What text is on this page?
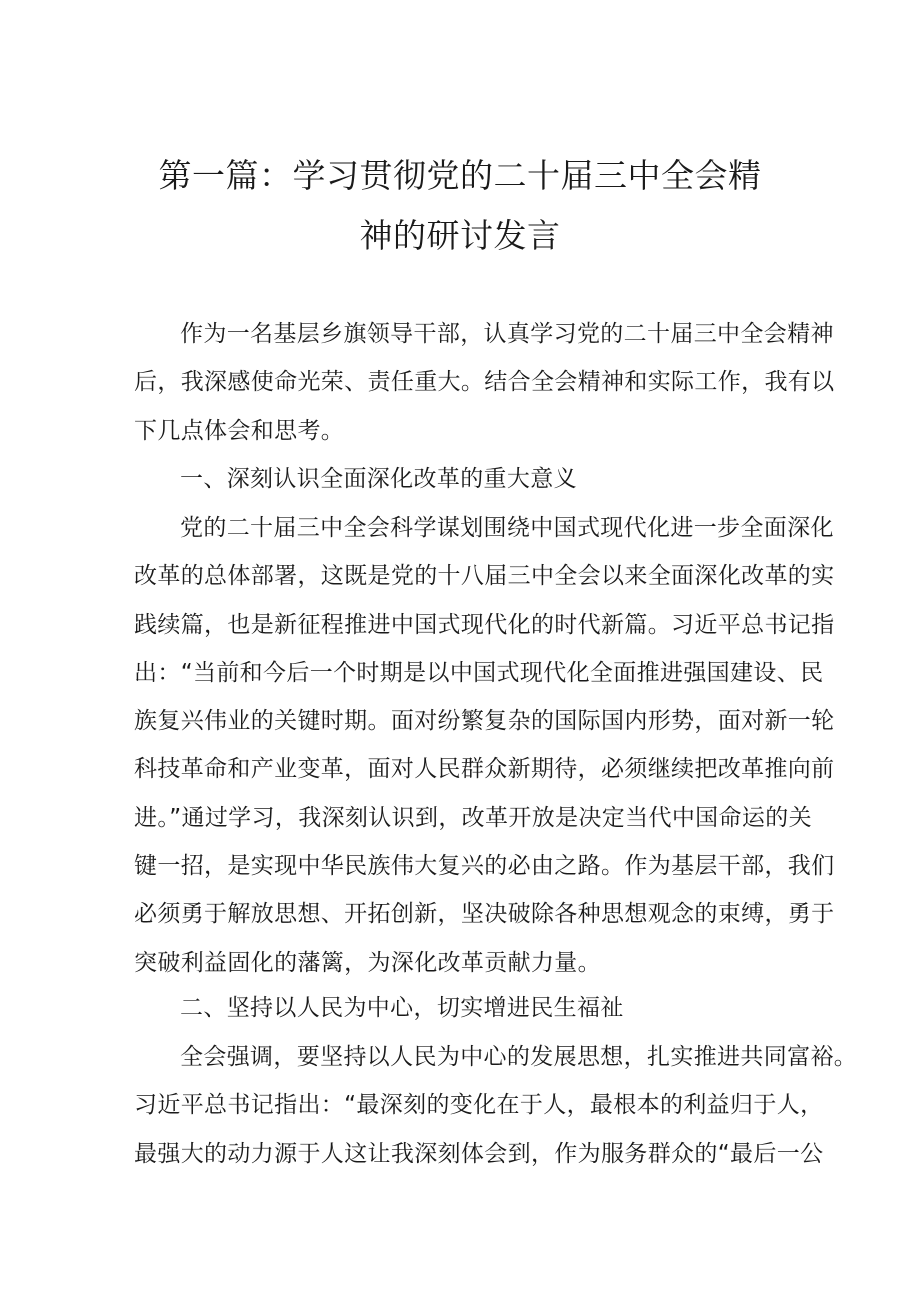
第一篇：学习贯彻党的二十届三中全会精
神的研讨发言
作为一名基层乡旗领导干部，认真学习党的二十届三中全会精神
后，我深感使命光荣、责任重大。结合全会精神和实际工作，我有以
下几点体会和思考。
一、深刻认识全面深化改革的重大意义
党的二十届三中全会科学谋划围绕中国式现代化进一步全面深化
改革的总体部署，这既是党的十八届三中全会以来全面深化改革的实
践续篇，也是新征程推进中国式现代化的时代新篇。习近平总书记指
出：“当前和今后一个时期是以中国式现代化全面推进强国建设、民
族复兴伟业的关键时期。面对纷繁复杂的国际国内形势，面对新一轮
科技革命和产业变革，面对人民群众新期待，必须继续把改革推向前
进。”通过学习，我深刻认识到，改革开放是决定当代中国命运的关
键一招，是实现中华民族伟大复兴的必由之路。作为基层干部，我们
必须勇于解放思想、开拓创新，坚决破除各种思想观念的束缚，勇于
突破利益固化的藩篱，为深化改革贡献力量。
二、坚持以人民为中心，切实增进民生福祉
全会强调，要坚持以人民为中心的发展思想，扎实推进共同富裕。
习近平总书记指出：“最深刻的变化在于人，最根本的利益归于人，
最强大的动力源于人这让我深刻体会到，作为服务群众的“最后一公
